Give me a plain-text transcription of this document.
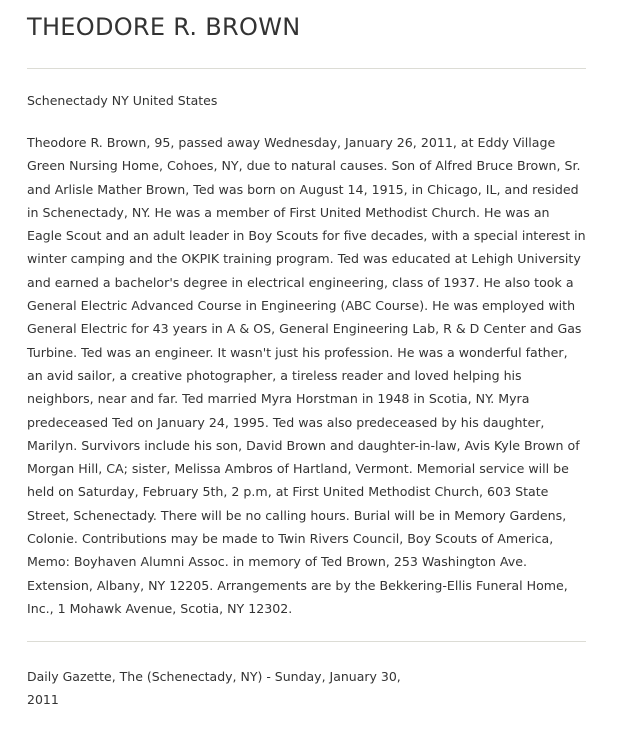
THEODORE R. BROWN

Schenectady NY United States

Theodore R. Brown, 95, passed away Wednesday, January 26, 2011, at Eddy Village Green Nursing Home, Cohoes, NY, due to natural causes. Son of Alfred Bruce Brown, Sr. and Arlisle Mather Brown, Ted was born on August 14, 1915, in Chicago, IL, and resided in Schenectady, NY. He was a member of First United Methodist Church. He was an Eagle Scout and an adult leader in Boy Scouts for five decades, with a special interest in winter camping and the OKPIK training program. Ted was educated at Lehigh University and earned a bachelor's degree in electrical engineering, class of 1937. He also took a General Electric Advanced Course in Engineering (ABC Course). He was employed with General Electric for 43 years in A & OS, General Engineering Lab, R & D Center and Gas Turbine. Ted was an engineer. It wasn't just his profession. He was a wonderful father, an avid sailor, a creative photographer, a tireless reader and loved helping his neighbors, near and far. Ted married Myra Horstman in 1948 in Scotia, NY. Myra predeceased Ted on January 24, 1995. Ted was also predeceased by his daughter, Marilyn. Survivors include his son, David Brown and daughter-in-law, Avis Kyle Brown of Morgan Hill, CA; sister, Melissa Ambros of Hartland, Vermont. Memorial service will be held on Saturday, February 5th, 2 p.m, at First United Methodist Church, 603 State Street, Schenectady. There will be no calling hours. Burial will be in Memory Gardens, Colonie. Contributions may be made to Twin Rivers Council, Boy Scouts of America, Memo: Boyhaven Alumni Assoc. in memory of Ted Brown, 253 Washington Ave. Extension, Albany, NY 12205. Arrangements are by the Bekkering-Ellis Funeral Home, Inc., 1 Mohawk Avenue, Scotia, NY 12302.

Daily Gazette, The (Schenectady, NY) - Sunday, January 30, 2011
